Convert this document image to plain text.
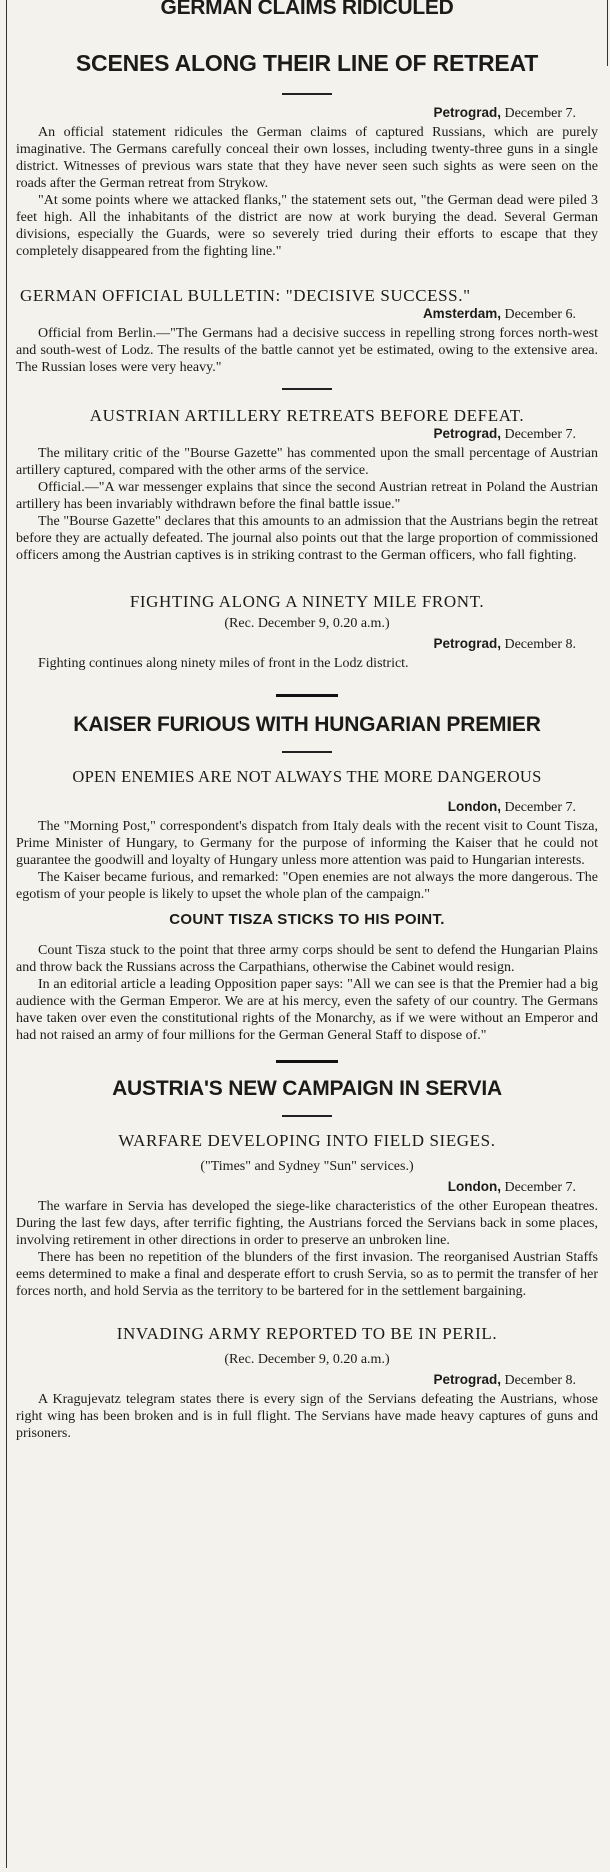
GERMAN CLAIMS RIDICULED
SCENES ALONG THEIR LINE OF RETREAT
Petrograd, December 7.

An official statement ridicules the German claims of captured Russians, which are purely imaginative. The Germans carefully conceal their own losses, including twenty-three guns in a single district. Witnesses of previous wars state that they have never seen such sights as were seen on the roads after the German retreat from Strykow.

"At some points where we attacked flanks," the statement sets out, "the German dead were piled 3 feet high. All the inhabitants of the district are now at work burying the dead. Several German divisions, especially the Guards, were so severely tried during their efforts to escape that they completely disappeared from the fighting line."

GERMAN OFFICIAL BULLETIN: "DECISIVE SUCCESS."
Amsterdam, December 6.

Official from Berlin.—"The Germans had a decisive success in repelling strong forces north-west and south-west of Lodz. The results of the battle cannot yet be estimated, owing to the extensive area. The Russian loses were very heavy."

AUSTRIAN ARTILLERY RETREATS BEFORE DEFEAT.
Petrograd, December 7.

The military critic of the "Bourse Gazette" has commented upon the small percentage of Austrian artillery captured, compared with the other arms of the service.

Official.—"A war messenger explains that since the second Austrian retreat in Poland the Austrian artillery has been invariably withdrawn before the final battle issue."

The "Bourse Gazette" declares that this amounts to an admission that the Austrians begin the retreat before they are actually defeated. The journal also points out that the large proportion of commissioned officers among the Austrian captives is in striking contrast to the German officers, who fall fighting.

FIGHTING ALONG A NINETY MILE FRONT.
(Rec. December 9, 0.20 a.m.)
Petrograd, December 8.

Fighting continues along ninety miles of front in the Lodz district.

KAISER FURIOUS WITH HUNGARIAN PREMIER
OPEN ENEMIES ARE NOT ALWAYS THE MORE DANGEROUS
London, December 7.

The "Morning Post," correspondent's dispatch from Italy deals with the recent visit to Count Tisza, Prime Minister of Hungary, to Germany for the purpose of informing the Kaiser that he could not guarantee the goodwill and loyalty of Hungary unless more attention was paid to Hungarian interests.

The Kaiser became furious, and remarked: "Open enemies are not always the more dangerous. The egotism of your people is likely to upset the whole plan of the campaign."

COUNT TISZA STICKS TO HIS POINT.

Count Tisza stuck to the point that three army corps should be sent to defend the Hungarian Plains and throw back the Russians across the Carpathians, otherwise the Cabinet would resign.

In an editorial article a leading Opposition paper says: "All we can see is that the Premier had a big audience with the German Emperor. We are at his mercy, even the safety of our country. The Germans have taken over even the constitutional rights of the Monarchy, as if we were without an Emperor and had not raised an army of four millions for the German General Staff to dispose of."

AUSTRIA'S NEW CAMPAIGN IN SERVIA
WARFARE DEVELOPING INTO FIELD SIEGES.
("Times" and Sydney "Sun" services.)
London, December 7.

The warfare in Servia has developed the siege-like characteristics of the other European theatres. During the last few days, after terrific fighting, the Austrians forced the Servians back in some places, involving retirement in other directions in order to preserve an unbroken line.

There has been no repetition of the blunders of the first invasion. The reorganised Austrian Staffs eems determined to make a final and desperate effort to crush Servia, so as to permit the transfer of her forces north, and hold Servia as the territory to be bartered for in the settlement bargaining.

INVADING ARMY REPORTED TO BE IN PERIL.
(Rec. December 9, 0.20 a.m.)
Petrograd, December 8.

A Kragujevatz telegram states there is every sign of the Servians defeating the Austrians, whose right wing has been broken and is in full flight. The Servians have made heavy captures of guns and prisoners.
